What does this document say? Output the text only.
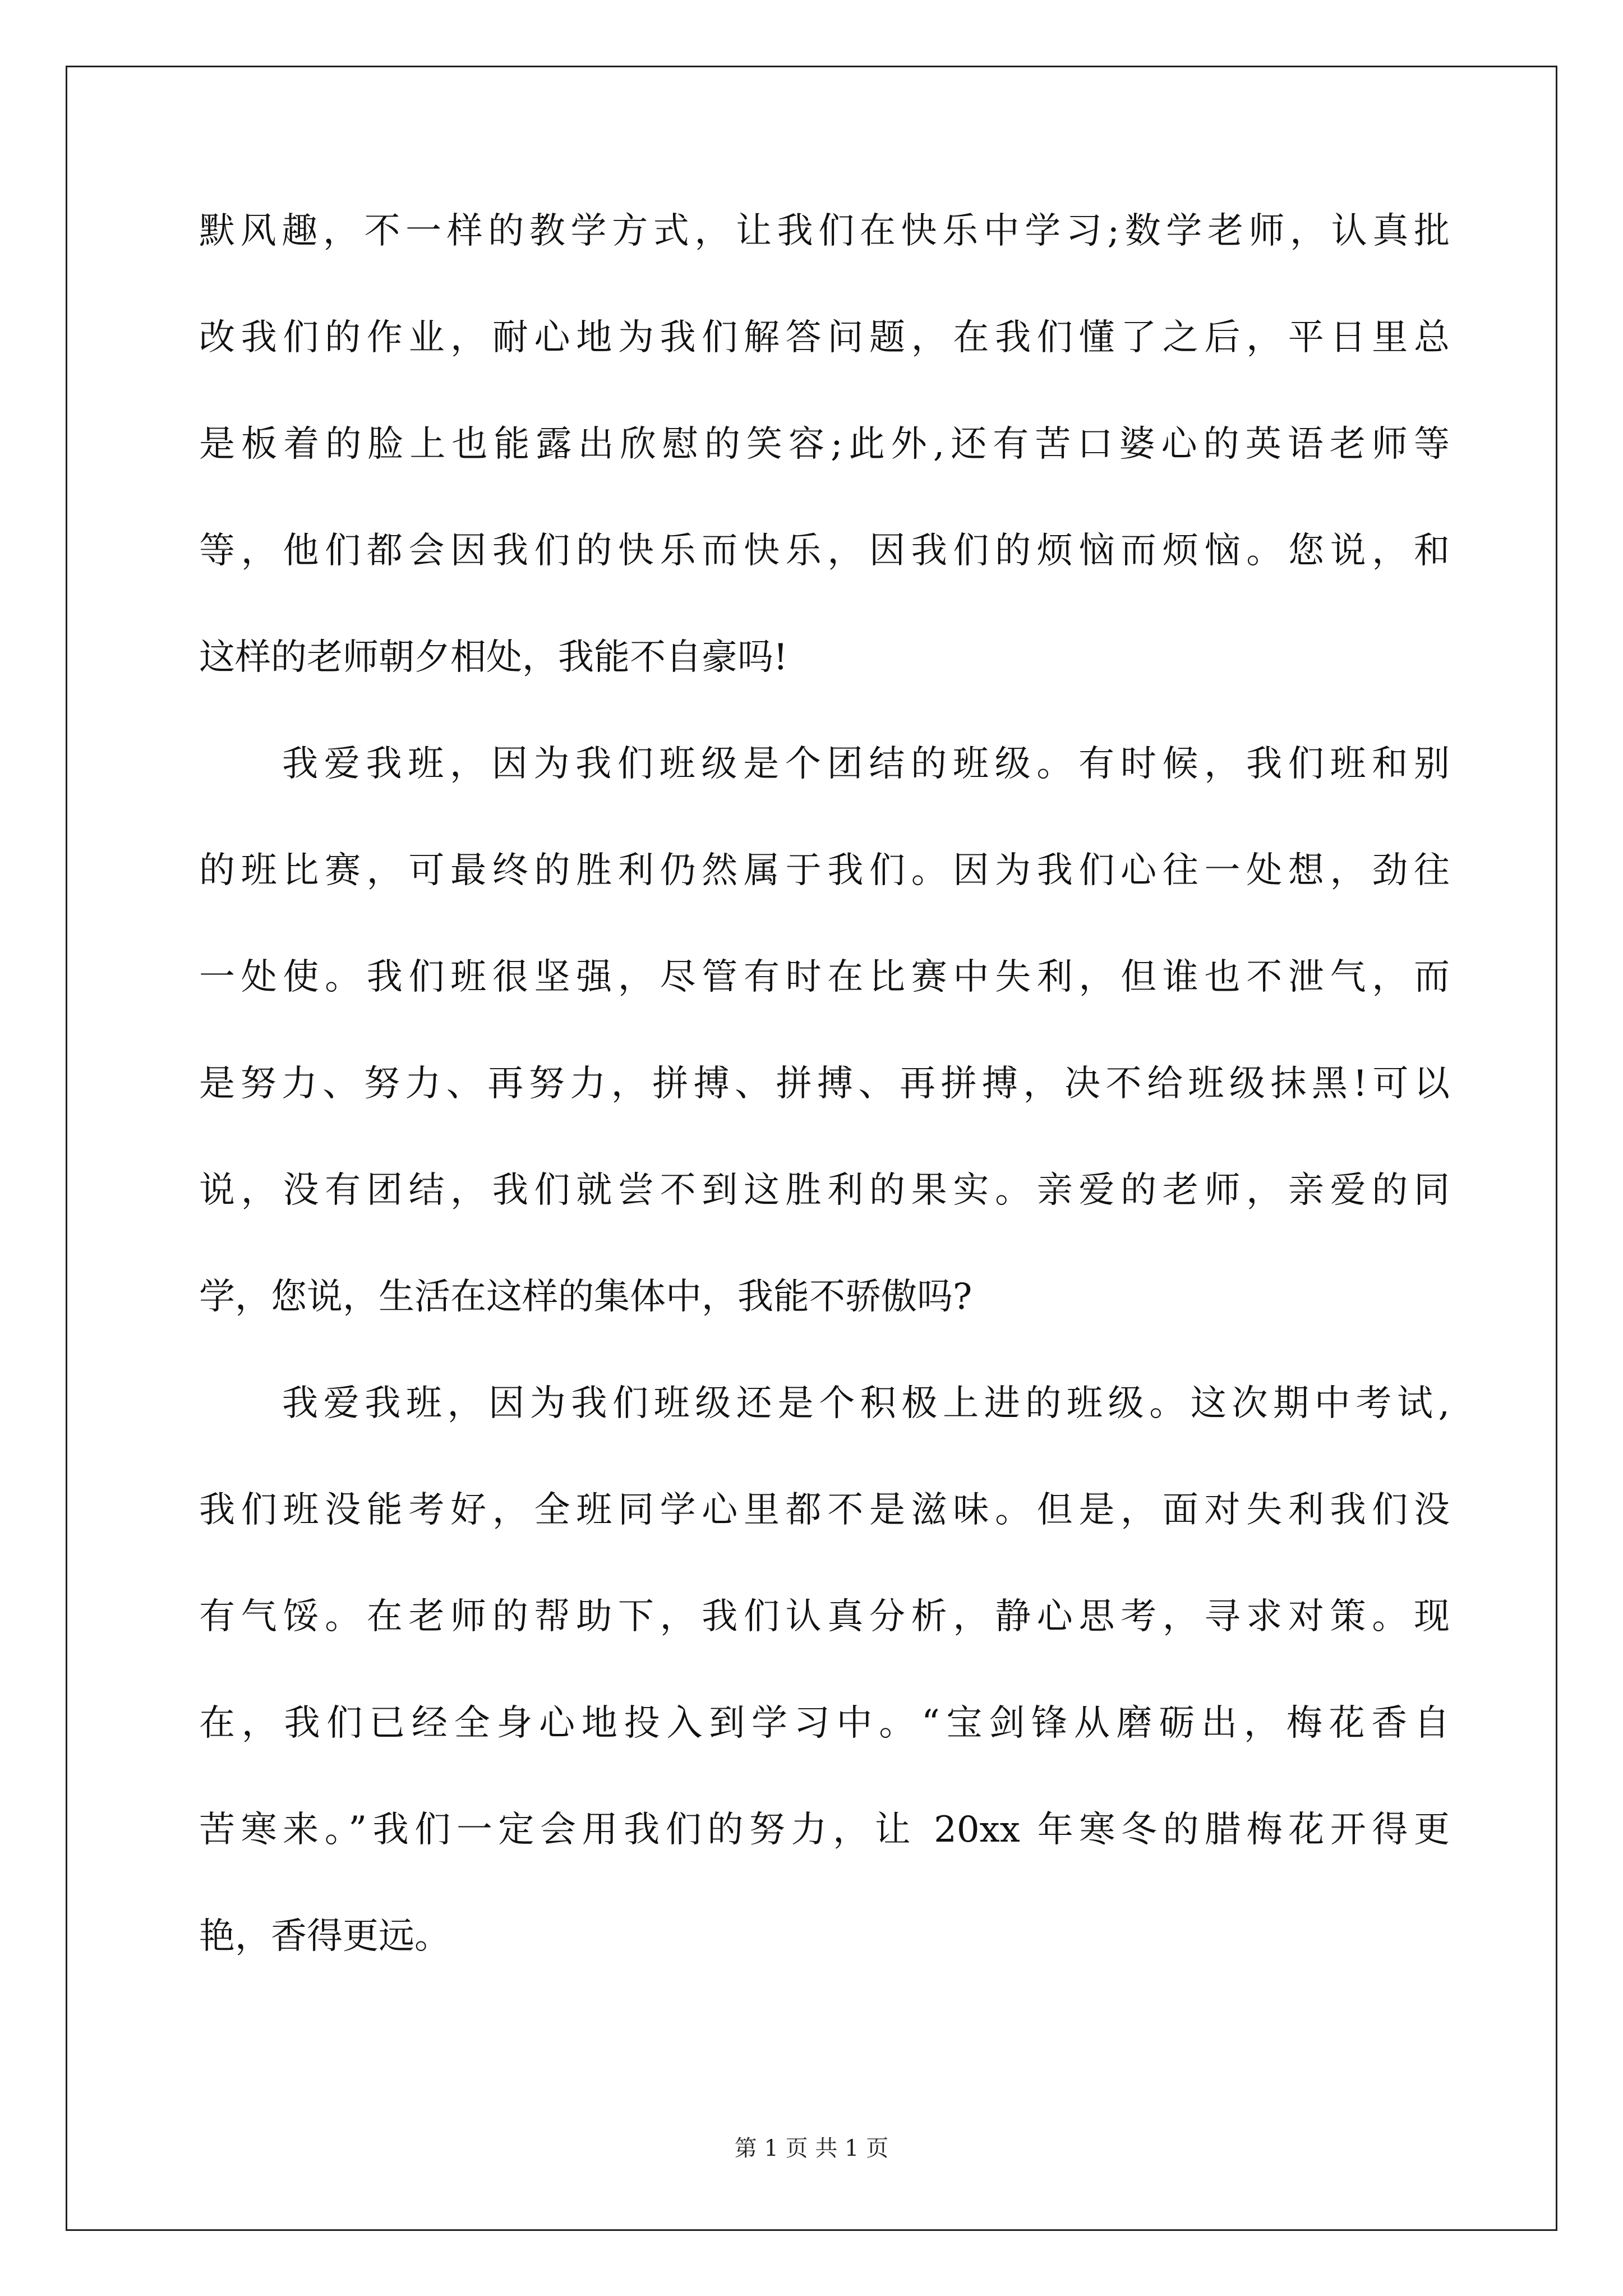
默风趣，不一样的教学方式，让我们在快乐中学习;数学老师，认真批
改我们的作业，耐心地为我们解答问题，在我们懂了之后，平日里总
是板着的脸上也能露出欣慰的笑容;此外,还有苦口婆心的英语老师等
等，他们都会因我们的快乐而快乐，因我们的烦恼而烦恼。您说，和
这样的老师朝夕相处，我能不自豪吗!
我爱我班，因为我们班级是个团结的班级。有时候，我们班和别
的班比赛，可最终的胜利仍然属于我们。因为我们心往一处想，劲往
一处使。我们班很坚强，尽管有时在比赛中失利，但谁也不泄气，而
是努力、努力、再努力，拼搏、拼搏、再拼搏，决不给班级抹黑!可以
说，没有团结，我们就尝不到这胜利的果实。亲爱的老师，亲爱的同
学，您说，生活在这样的集体中，我能不骄傲吗?
我爱我班，因为我们班级还是个积极上进的班级。这次期中考试,
我们班没能考好，全班同学心里都不是滋味。但是，面对失利我们没
有气馁。在老师的帮助下，我们认真分析，静心思考，寻求对策。现
在，我们已经全身心地投入到学习中。“宝剑锋从磨砺出，梅花香自
苦寒来。”我们一定会用我们的努力，让 20xx 年寒冬的腊梅花开得更
艳，香得更远。
第 1 页 共 1 页
